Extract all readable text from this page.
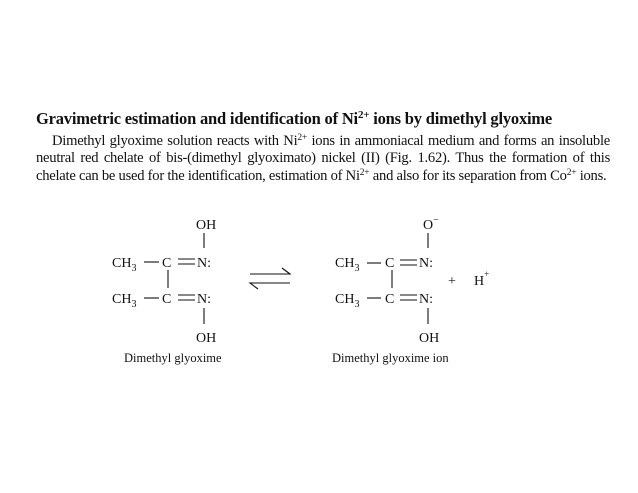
Gravimetric estimation and identification of $Ni^{2+}$ ions by dimethyl glyoxime

Dimethyl glyoxime solution reacts with $Ni^{2+}$ ions in ammoniacal medium and forms an insoluble neutral red chelate of bis-(dimethyl glyoximato) nickel (II) (Fig. 1.62). Thus the formation of this chelate can be used for the identification, estimation of $Ni^{2+}$ and also for its separation from $Co^{2+}$ ions.

OH
$CH_3$ C N:
$CH_3$ C N:
OH
Dimethyl glyoxime
O−
$CH_3$ C N:
$CH_3$ C N:
OH
Dimethyl glyoxime ion
+ H+
